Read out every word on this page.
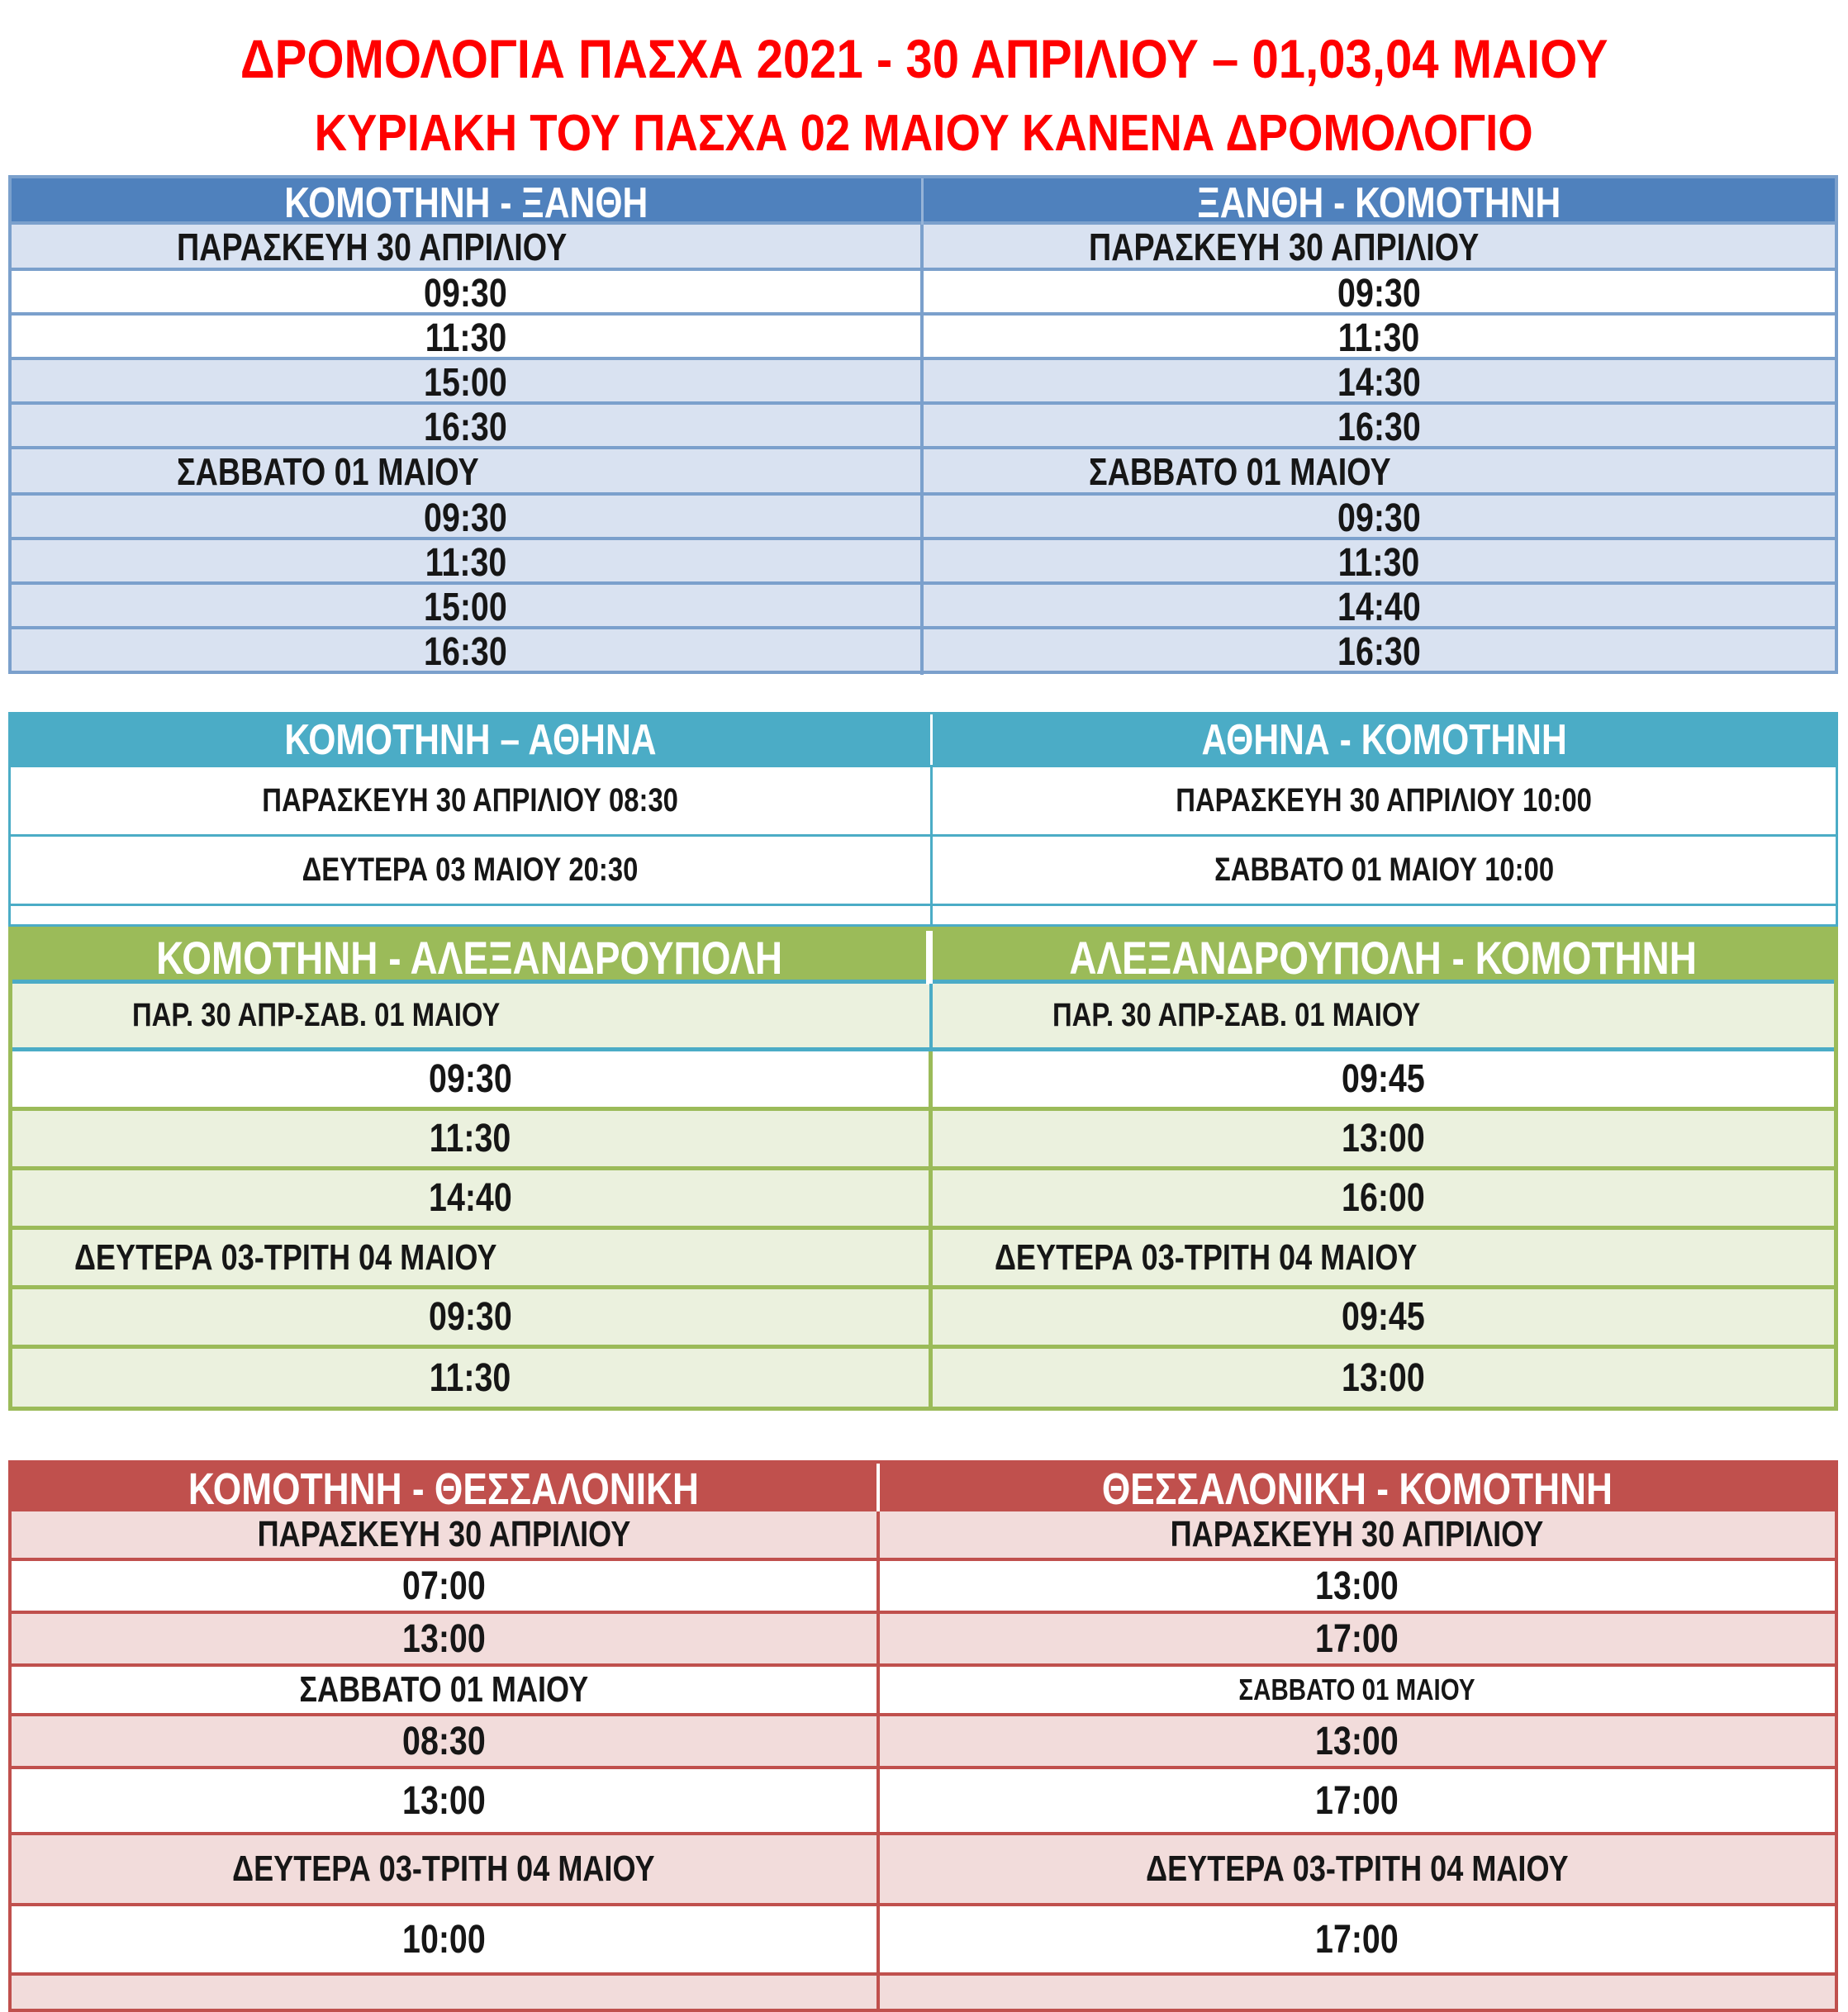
ΔΡΟΜΟΛΟΓΙΑ ΠΑΣΧΑ 2021 - 30 ΑΠΡΙΛΙΟΥ – 01,03,04 ΜΑΙΟΥ
ΚΥΡΙΑΚΗ ΤΟΥ ΠΑΣΧΑ 02 ΜΑΙΟΥ ΚΑΝΕΝΑ ΔΡΟΜΟΛΟΓΙΟ
ΚΟΜΟΤΗΝΗ - ΞΑΝΘΗ	ΞΑΝΘΗ - ΚΟΜΟΤΗΝΗ
ΠΑΡΑΣΚΕΥΗ 30 ΑΠΡΙΛΙΟΥ	ΠΑΡΑΣΚΕΥΗ 30 ΑΠΡΙΛΙΟΥ
09:30	09:30
11:30	11:30
15:00	14:30
16:30	16:30
ΣΑΒΒΑΤΟ 01 ΜΑΙΟΥ	ΣΑΒΒΑΤΟ 01 ΜΑΙΟΥ
09:30	09:30
11:30	11:30
15:00	14:40
16:30	16:30
ΚΟΜΟΤΗΝΗ – ΑΘΗΝΑ	ΑΘΗΝΑ - ΚΟΜΟΤΗΝΗ
ΠΑΡΑΣΚΕΥΗ 30 ΑΠΡΙΛΙΟΥ 08:30	ΠΑΡΑΣΚΕΥΗ 30 ΑΠΡΙΛΙΟΥ 10:00
ΔΕΥΤΕΡΑ 03 ΜΑΙΟΥ 20:30	ΣΑΒΒΑΤΟ 01 ΜΑΙΟΥ 10:00
ΚΟΜΟΤΗΝΗ - ΑΛΕΞΑΝΔΡΟΥΠΟΛΗ	ΑΛΕΞΑΝΔΡΟΥΠΟΛΗ - ΚΟΜΟΤΗΝΗ
ΠΑΡ. 30 ΑΠΡ-ΣΑΒ. 01 ΜΑΙΟΥ	ΠΑΡ. 30 ΑΠΡ-ΣΑΒ. 01 ΜΑΙΟΥ
09:30	09:45
11:30	13:00
14:40	16:00
ΔΕΥΤΕΡΑ 03-ΤΡΙΤΗ 04 ΜΑΙΟΥ	ΔΕΥΤΕΡΑ 03-ΤΡΙΤΗ 04 ΜΑΙΟΥ
09:30	09:45
11:30	13:00
ΚΟΜΟΤΗΝΗ - ΘΕΣΣΑΛΟΝΙΚΗ	ΘΕΣΣΑΛΟΝΙΚΗ - ΚΟΜΟΤΗΝΗ
ΠΑΡΑΣΚΕΥΗ 30 ΑΠΡΙΛΙΟΥ	ΠΑΡΑΣΚΕΥΗ 30 ΑΠΡΙΛΙΟΥ
07:00	13:00
13:00	17:00
ΣΑΒΒΑΤΟ 01 ΜΑΙΟΥ	ΣΑΒΒΑΤΟ 01 ΜΑΙΟΥ
08:30	13:00
13:00	17:00
ΔΕΥΤΕΡΑ 03-ΤΡΙΤΗ 04 ΜΑΙΟΥ	ΔΕΥΤΕΡΑ 03-ΤΡΙΤΗ 04 ΜΑΙΟΥ
10:00	17:00
